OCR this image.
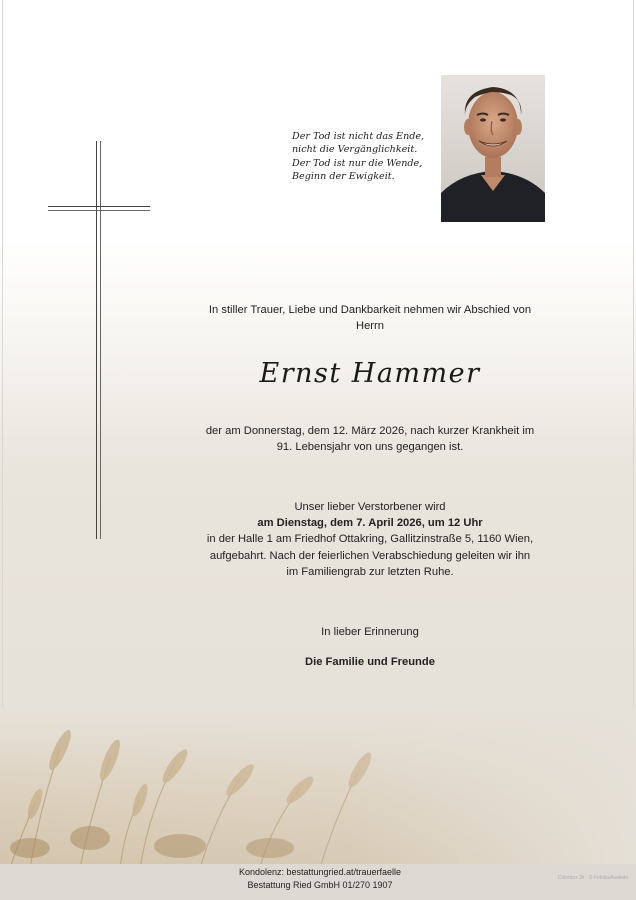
Der Tod ist nicht das Ende,
nicht die Vergänglichkeit.
Der Tod ist nur die Wende,
Beginn der Ewigkeit.
In stiller Trauer, Liebe und Dankbarkeit nehmen wir Abschied von
Herrn
Ernst Hammer
der am Donnerstag, dem 12. März 2026, nach kurzer Krankheit im
91. Lebensjahr von uns gegangen ist.
Unser lieber Verstorbener wird
am Dienstag, dem 7. April 2026, um 12 Uhr
in der Halle 1 am Friedhof Ottakring, Gallitzinstraße 5, 1160 Wien,
aufgebahrt. Nach der feierlichen Verabschiedung geleiten wir ihn
im Familiengrab zur letzten Ruhe.
In lieber Erinnerung
Die Familie und Freunde
Kondolenz: bestattungried.at/trauerfaelle
Bestattung Ried GmbH 01/270 1907
Colorbox 2k · © Fotolia/Avakelo
